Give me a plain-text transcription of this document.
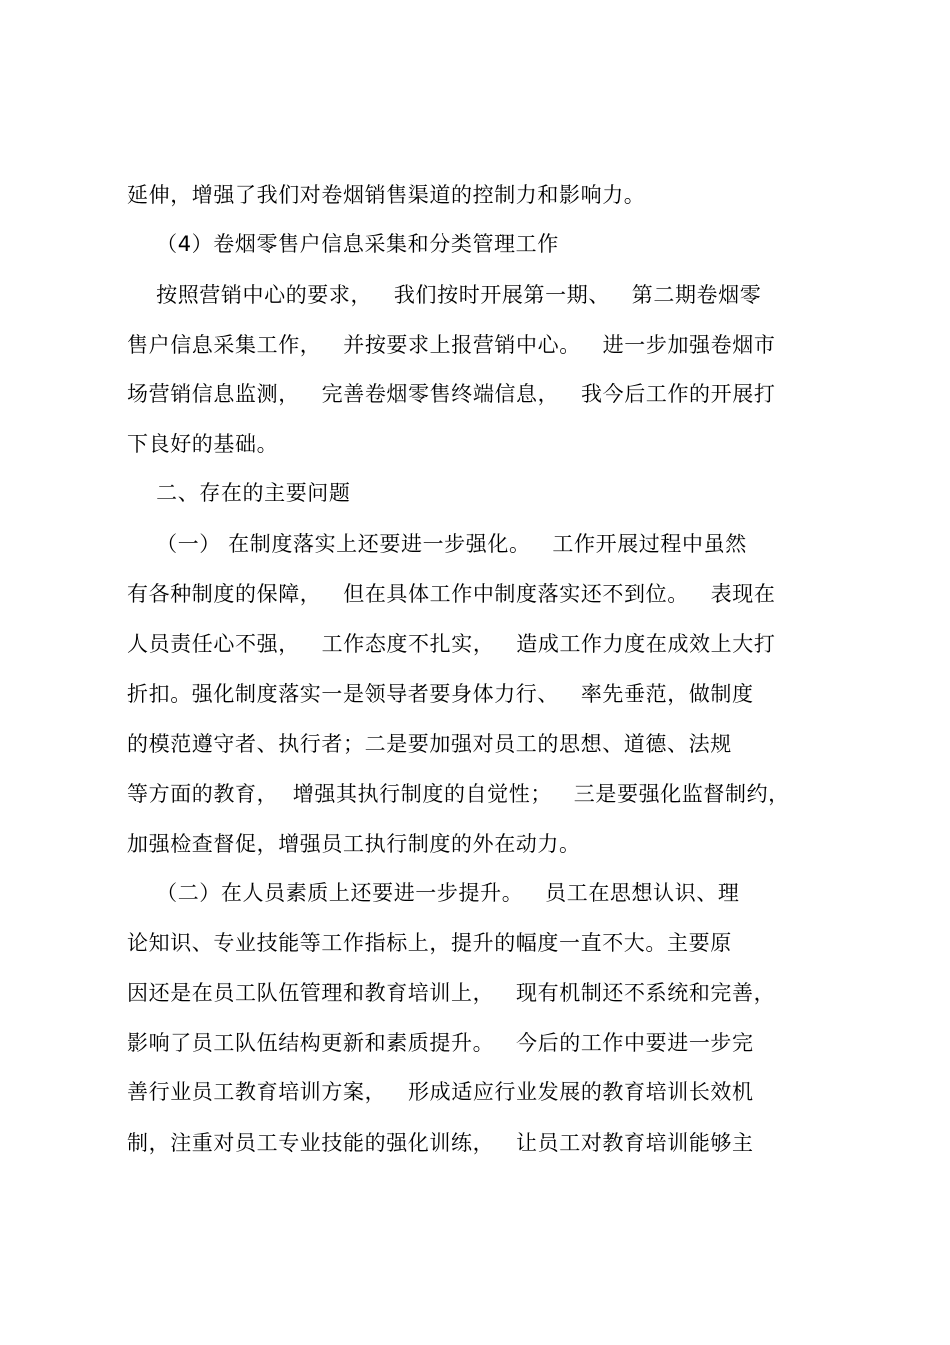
延伸，增强了我们对卷烟销售渠道的控制力和影响力。
（4）卷烟零售户信息采集和分类管理工作
按照营销中心的要求，   我们按时开展第一期、   第二期卷烟零
售户信息采集工作，   并按要求上报营销中心。   进一步加强卷烟市
场营销信息监测，   完善卷烟零售终端信息，   我今后工作的开展打
下良好的基础。
二、存在的主要问题
（一） 在制度落实上还要进一步强化。   工作开展过程中虽然
有各种制度的保障，   但在具体工作中制度落实还不到位。   表现在
人员责任心不强，   工作态度不扎实，   造成工作力度在成效上大打
折扣。强化制度落实一是领导者要身体力行、   率先垂范，做制度
的模范遵守者、执行者；二是要加强对员工的思想、道德、法规
等方面的教育，  增强其执行制度的自觉性；   三是要强化监督制约，
加强检查督促，增强员工执行制度的外在动力。
（二）在人员素质上还要进一步提升。   员工在思想认识、理
论知识、专业技能等工作指标上，提升的幅度一直不大。主要原
因还是在员工队伍管理和教育培训上，   现有机制还不系统和完善，
影响了员工队伍结构更新和素质提升。   今后的工作中要进一步完
善行业员工教育培训方案，   形成适应行业发展的教育培训长效机
制，注重对员工专业技能的强化训练，   让员工对教育培训能够主
